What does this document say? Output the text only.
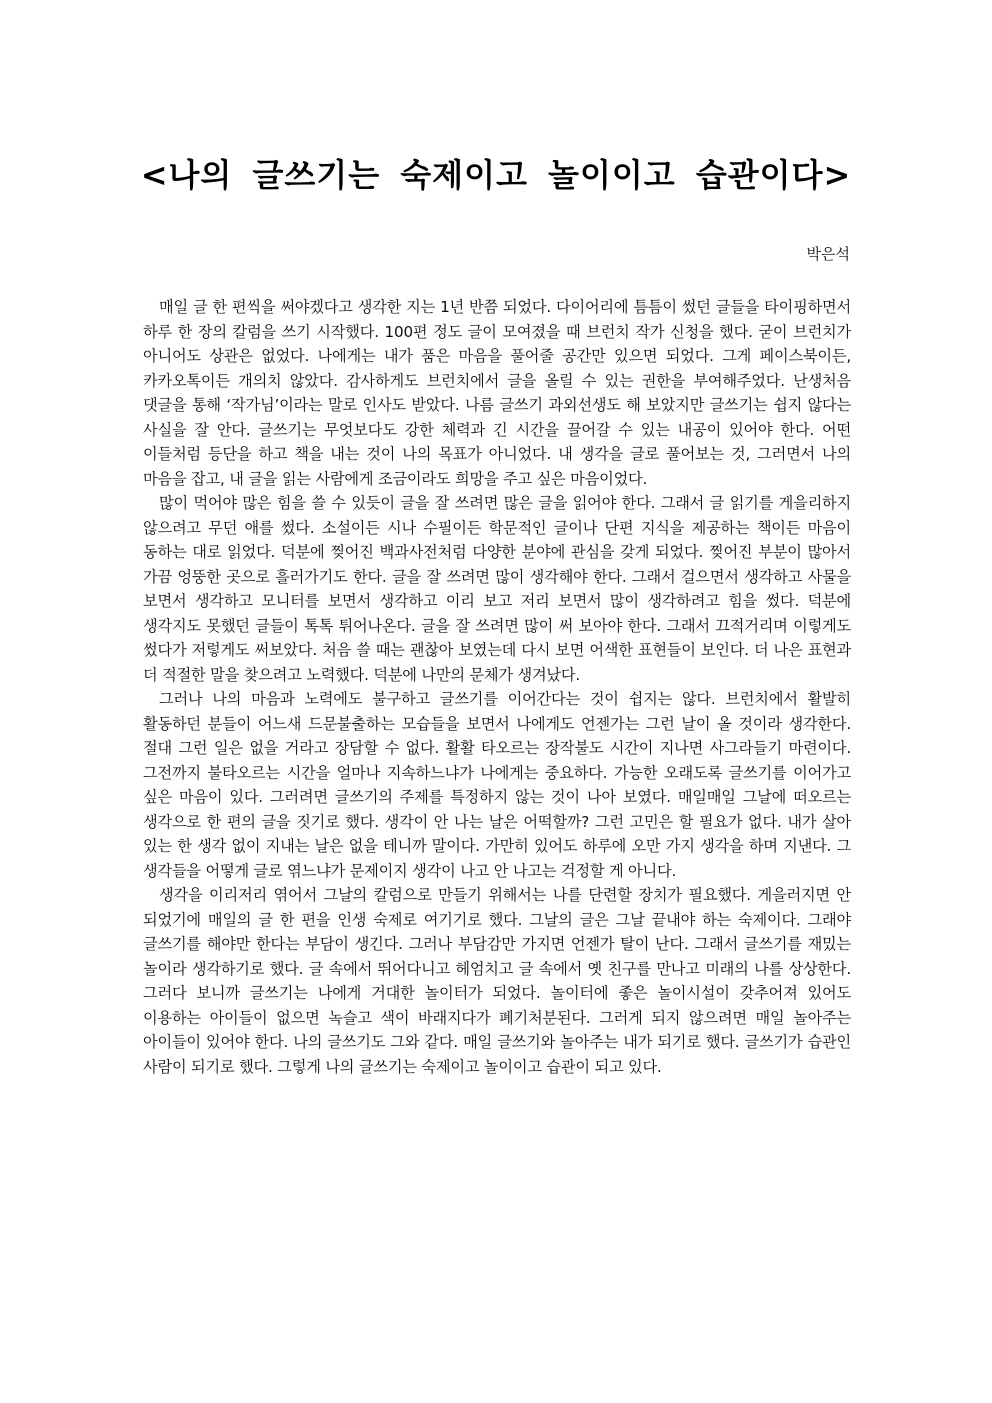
<나의 글쓰기는 숙제이고 놀이이고 습관이다>

박은석

매일 글 한 편씩을 써야겠다고 생각한 지는 1년 반쯤 되었다. 다이어리에 틈틈이 썼던 글들을 타이핑하면서 하루 한 장의 칼럼을 쓰기 시작했다. 100편 정도 글이 모여졌을 때 브런치 작가 신청을 했다. 굳이 브런치가 아니어도 상관은 없었다. 나에게는 내가 품은 마음을 풀어줄 공간만 있으면 되었다. 그게 페이스북이든, 카카오톡이든 개의치 않았다. 감사하게도 브런치에서 글을 올릴 수 있는 권한을 부여해주었다. 난생처음 댓글을 통해 ‘작가님’이라는 말로 인사도 받았다. 나름 글쓰기 과외선생도 해 보았지만 글쓰기는 쉽지 않다는 사실을 잘 안다. 글쓰기는 무엇보다도 강한 체력과 긴 시간을 끌어갈 수 있는 내공이 있어야 한다. 어떤 이들처럼 등단을 하고 책을 내는 것이 나의 목표가 아니었다. 내 생각을 글로 풀어보는 것, 그러면서 나의 마음을 잡고, 내 글을 읽는 사람에게 조금이라도 희망을 주고 싶은 마음이었다.

많이 먹어야 많은 힘을 쓸 수 있듯이 글을 잘 쓰려면 많은 글을 읽어야 한다. 그래서 글 읽기를 게을리하지 않으려고 무던 애를 썼다. 소설이든 시나 수필이든 학문적인 글이나 단편 지식을 제공하는 책이든 마음이 동하는 대로 읽었다. 덕분에 찢어진 백과사전처럼 다양한 분야에 관심을 갖게 되었다. 찢어진 부분이 많아서 가끔 엉뚱한 곳으로 흘러가기도 한다. 글을 잘 쓰려면 많이 생각해야 한다. 그래서 걸으면서 생각하고 사물을 보면서 생각하고 모니터를 보면서 생각하고 이리 보고 저리 보면서 많이 생각하려고 힘을 썼다. 덕분에 생각지도 못했던 글들이 톡톡 튀어나온다. 글을 잘 쓰려면 많이 써 보아야 한다. 그래서 끄적거리며 이렇게도 썼다가 저렇게도 써보았다. 처음 쓸 때는 괜찮아 보였는데 다시 보면 어색한 표현들이 보인다. 더 나은 표현과 더 적절한 말을 찾으려고 노력했다. 덕분에 나만의 문체가 생겨났다.

그러나 나의 마음과 노력에도 불구하고 글쓰기를 이어간다는 것이 쉽지는 않다. 브런치에서 활발히 활동하던 분들이 어느새 드문불출하는 모습들을 보면서 나에게도 언젠가는 그런 날이 올 것이라 생각한다. 절대 그런 일은 없을 거라고 장담할 수 없다. 활활 타오르는 장작불도 시간이 지나면 사그라들기 마련이다. 그전까지 불타오르는 시간을 얼마나 지속하느냐가 나에게는 중요하다. 가능한 오래도록 글쓰기를 이어가고 싶은 마음이 있다. 그러려면 글쓰기의 주제를 특정하지 않는 것이 나아 보였다. 매일매일 그날에 떠오르는 생각으로 한 편의 글을 짓기로 했다. 생각이 안 나는 날은 어떡할까? 그런 고민은 할 필요가 없다. 내가 살아 있는 한 생각 없이 지내는 날은 없을 테니까 말이다. 가만히 있어도 하루에 오만 가지 생각을 하며 지낸다. 그 생각들을 어떻게 글로 엮느냐가 문제이지 생각이 나고 안 나고는 걱정할 게 아니다.

생각을 이리저리 엮어서 그날의 칼럼으로 만들기 위해서는 나를 단련할 장치가 필요했다. 게을러지면 안 되었기에 매일의 글 한 편을 인생 숙제로 여기기로 했다. 그날의 글은 그날 끝내야 하는 숙제이다. 그래야 글쓰기를 해야만 한다는 부담이 생긴다. 그러나 부담감만 가지면 언젠가 탈이 난다. 그래서 글쓰기를 재밌는 놀이라 생각하기로 했다. 글 속에서 뛰어다니고 헤엄치고 글 속에서 옛 친구를 만나고 미래의 나를 상상한다. 그러다 보니까 글쓰기는 나에게 거대한 놀이터가 되었다. 놀이터에 좋은 놀이시설이 갖추어져 있어도 이용하는 아이들이 없으면 녹슬고 색이 바래지다가 폐기처분된다. 그러게 되지 않으려면 매일 놀아주는 아이들이 있어야 한다. 나의 글쓰기도 그와 같다. 매일 글쓰기와 놀아주는 내가 되기로 했다. 글쓰기가 습관인 사람이 되기로 했다. 그렇게 나의 글쓰기는 숙제이고 놀이이고 습관이 되고 있다.
